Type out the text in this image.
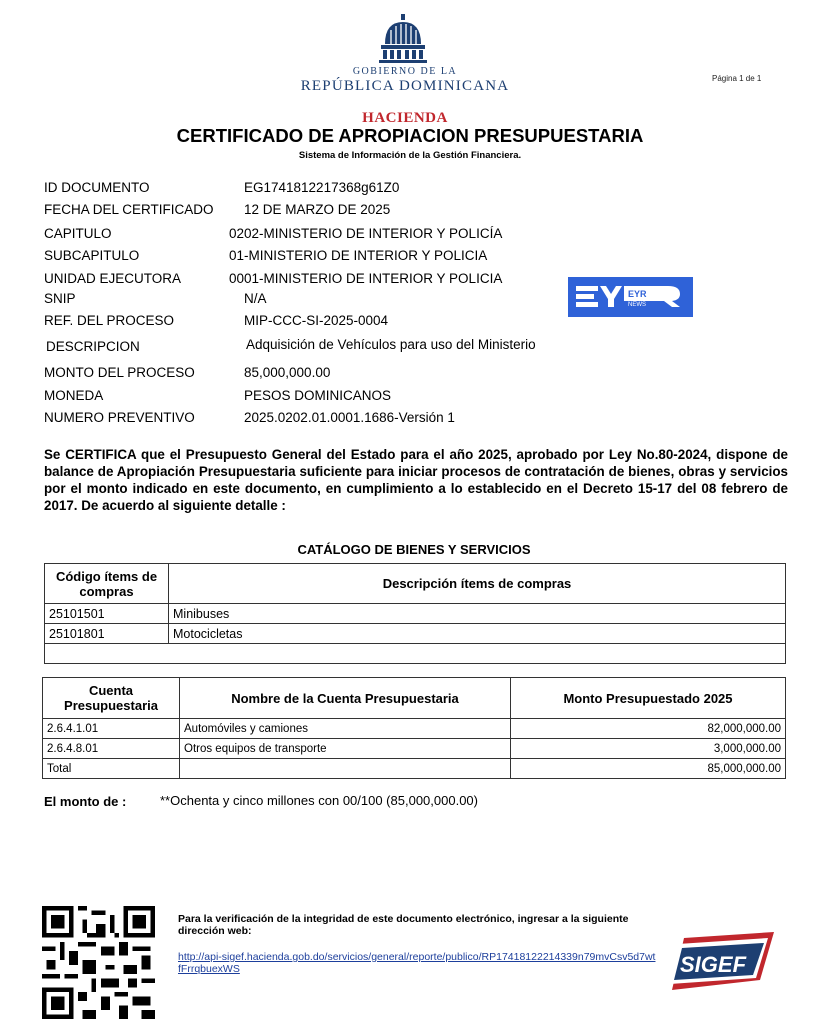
GOBIERNO DE LA
REPÚBLICA DOMINICANA	Página 1 de 1
HACIENDA
CERTIFICADO DE APROPIACION PRESUPUESTARIA
Sistema de Información de la Gestión Financiera.
ID DOCUMENTO	EG1741812217368g61Z0
FECHA DEL CERTIFICADO 12 DE MARZO DE 2025
CAPITULO	0202-MINISTERIO DE INTERIOR Y POLICÍA
SUBCAPITULO	01-MINISTERIO DE INTERIOR Y POLICIA
UNIDAD EJECUTORA	0001-MINISTERIO DE INTERIOR Y POLICIA
SNIP	N/A
REF. DEL PROCESO	MIP-CCC-SI-2025-0004
DESCRIPCION	Adquisición de Vehículos para uso del Ministerio
MONTO DEL PROCESO	85,000,000.00
MONEDA	PESOS DOMINICANOS
NUMERO PREVENTIVO	2025.0202.01.0001.1686-Versión 1
EYR
NEWS
Se CERTIFICA que el Presupuesto General del Estado para el año 2025, aprobado por Ley No.80-2024, dispone de balance de Apropiación Presupuestaria suficiente para iniciar procesos de contratación de bienes, obras y servicios por el monto indicado en este documento, en cumplimiento a lo establecido en el Decreto 15-17 del 08 febrero de 2017. De acuerdo al siguiente detalle :
CATÁLOGO DE BIENES Y SERVICIOS
Código ítems de compras	Descripción ítems de compras
25101501	Minibuses
25101801	Motocicletas

Cuenta Presupuestaria	Nombre de la Cuenta Presupuestaria	Monto Presupuestado 2025
2.6.4.1.01	Automóviles y camiones	82,000,000.00
2.6.4.8.01	Otros equipos de transporte	3,000,000.00
Total		85,000,000.00
El monto de :	**Ochenta y cinco millones con 00/100 (85,000,000.00)
Para la verificación de la integridad de este documento electrónico, ingresar a la siguiente dirección web:
http://api-sigef.hacienda.gob.do/servicios/general/reporte/publico/RP17418122214339n79mvCsv5d7wtfFrrqbuexWS	SIGEF
